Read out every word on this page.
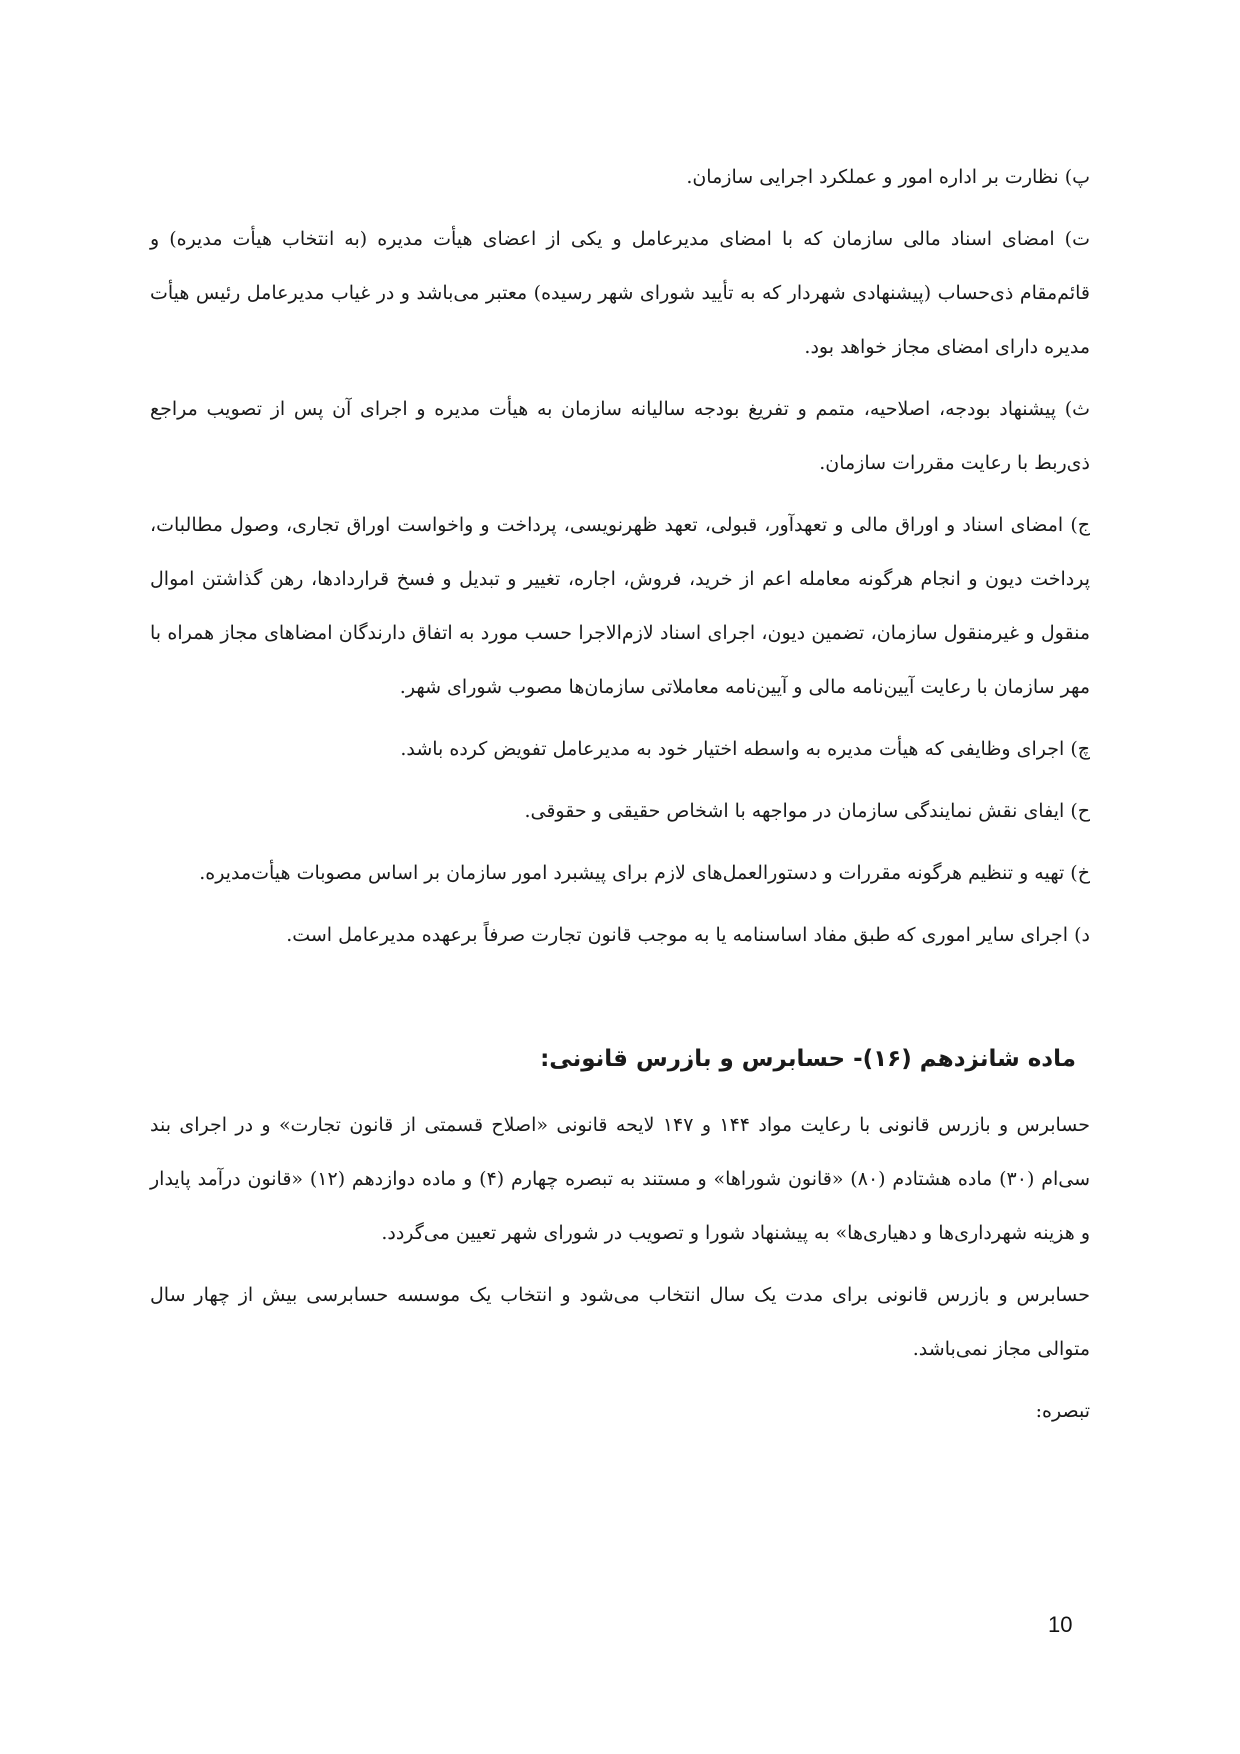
پ) نظارت بر اداره امور و عملکرد اجرایی سازمان.

ت) امضای اسناد مالی سازمان که با امضای مدیرعامل و یکی از اعضای هیأت مدیره (به انتخاب هیأت مدیره) و قائم‌مقام ذی‌حساب (پیشنهادی شهردار که به تأیید شورای شهر رسیده) معتبر می‌باشد و در غیاب مدیرعامل رئیس هیأت مدیره دارای امضای مجاز خواهد بود.

ث) پیشنهاد بودجه، اصلاحیه، متمم و تفریغ بودجه سالیانه سازمان به هیأت مدیره و اجرای آن پس از تصویب مراجع ذی‌ربط با رعایت مقررات سازمان.

ج) امضای اسناد و اوراق مالی و تعهدآور، قبولی، تعهد ظهرنویسی، پرداخت و واخواست اوراق تجاری، وصول مطالبات، پرداخت دیون و انجام هرگونه معامله اعم از خرید، فروش، اجاره، تغییر و تبدیل و فسخ قراردادها، رهن گذاشتن اموال منقول و غیرمنقول سازمان، تضمین دیون، اجرای اسناد لازم‌الاجرا حسب مورد به اتفاق دارندگان امضاهای مجاز همراه با مهر سازمان با رعایت آیین‌نامه مالی و آیین‌نامه معاملاتی سازمان‌ها مصوب شورای شهر.

چ) اجرای وظایفی که هیأت مدیره به واسطه اختیار خود به مدیرعامل تفویض کرده باشد.

ح) ایفای نقش نمایندگی سازمان در مواجهه با اشخاص حقیقی و حقوقی.

خ) تهیه و تنظیم هرگونه مقررات و دستورالعمل‌های لازم برای پیشبرد امور سازمان بر اساس مصوبات هیأت‌مدیره.

د) اجرای سایر اموری که طبق مفاد اساسنامه یا به موجب قانون تجارت صرفاً برعهده مدیرعامل است.

ماده شانزدهم (۱۶)- حسابرس و بازرس قانونی:

حسابرس و بازرس قانونی با رعایت مواد ۱۴۴ و ۱۴۷ لایحه قانونی «اصلاح قسمتی از قانون تجارت» و در اجرای بند سی‌ام (۳۰) ماده هشتادم (۸۰) «قانون شوراها» و مستند به تبصره چهارم (۴) و ماده دوازدهم (۱۲) «قانون درآمد پایدار و هزینه شهرداری‌ها و دهیاری‌ها» به پیشنهاد شورا و تصویب در شورای شهر تعیین می‌گردد.

حسابرس و بازرس قانونی برای مدت یک سال انتخاب می‌شود و انتخاب یک موسسه حسابرسی بیش از چهار سال متوالی مجاز نمی‌باشد.

تبصره:

10
